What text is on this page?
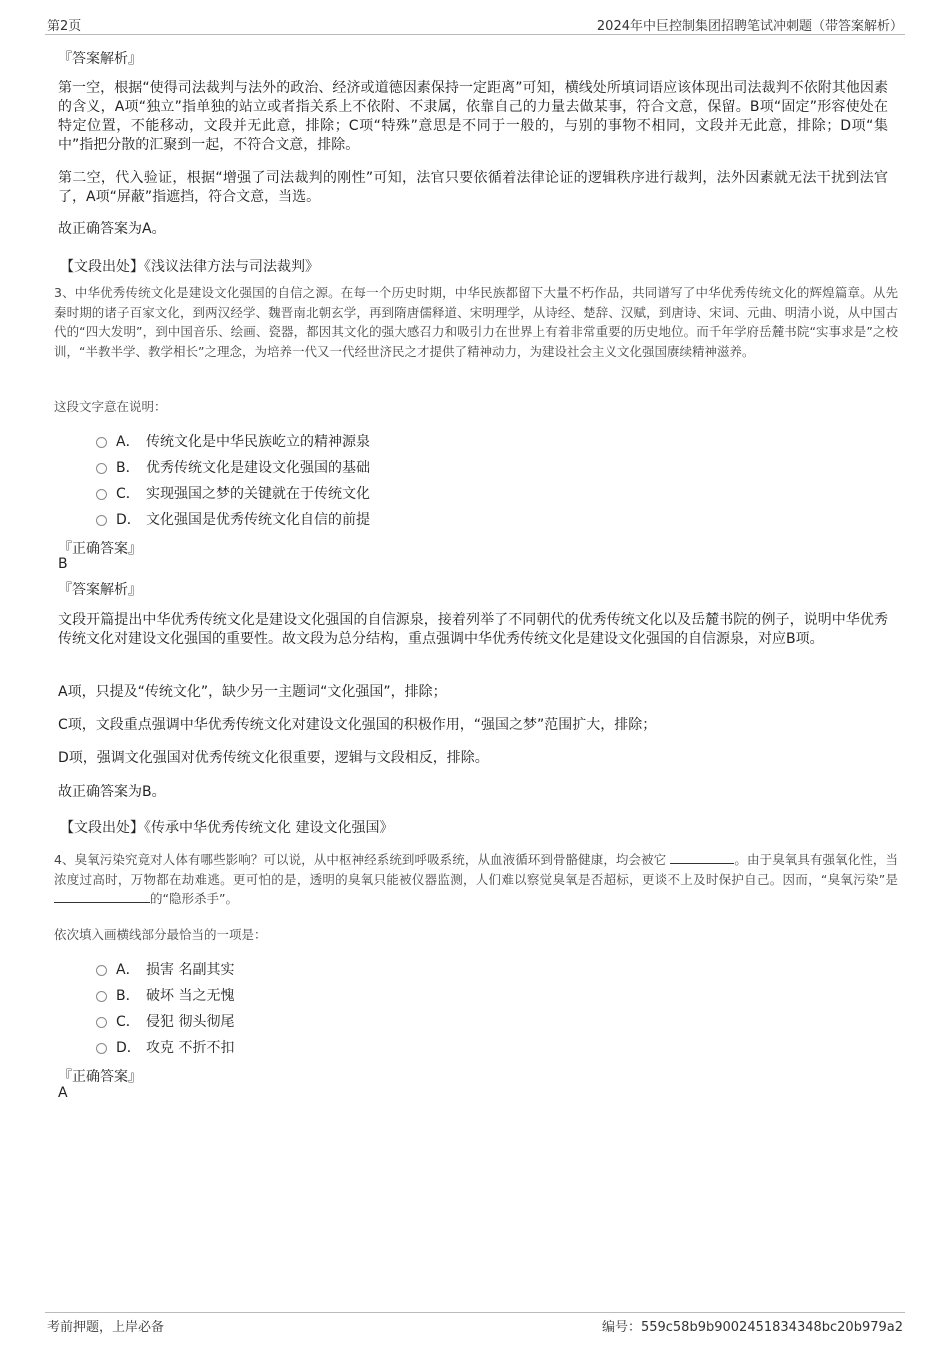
第2页	2024年中巨控制集团招聘笔试冲刺题（带答案解析）
『答案解析』

第一空，根据“使得司法裁判与法外的政治、经济或道德因素保持一定距离”可知，横线处所填词语应该体现出司法裁判不依附其他因素的含义，A项“独立”指单独的站立或者指关系上不依附、不隶属，依靠自己的力量去做某事，符合文意，保留。B项“固定”形容使处在特定位置，不能移动，文段并无此意，排除；C项“特殊”意思是不同于一般的，与别的事物不相同，文段并无此意，排除；D项“集中”指把分散的汇聚到一起，不符合文意，排除。

第二空，代入验证，根据“增强了司法裁判的刚性”可知，法官只要依循着法律论证的逻辑秩序进行裁判，法外因素就无法干扰到法官了，A项“屏蔽”指遮挡，符合文意，当选。

故正确答案为A。

【文段出处】《浅议法律方法与司法裁判》

3、中华优秀传统文化是建设文化强国的自信之源。在每一个历史时期，中华民族都留下大量不朽作品，共同谱写了中华优秀传统文化的辉煌篇章。从先秦时期的诸子百家文化，到两汉经学、魏晋南北朝玄学，再到隋唐儒释道、宋明理学，从诗经、楚辞、汉赋，到唐诗、宋词、元曲、明清小说，从中国古代的“四大发明”，到中国音乐、绘画、瓷器，都因其文化的强大感召力和吸引力在世界上有着非常重要的历史地位。而千年学府岳麓书院“实事求是”之校训，“半教半学、教学相长”之理念，为培养一代又一代经世济民之才提供了精神动力，为建设社会主义文化强国赓续精神滋养。

这段文字意在说明：

A． 传统文化是中华民族屹立的精神源泉
B． 优秀传统文化是建设文化强国的基础
C． 实现强国之梦的关键就在于传统文化
D． 文化强国是优秀传统文化自信的前提
『正确答案』
B
『答案解析』

文段开篇提出中华优秀传统文化是建设文化强国的自信源泉，接着列举了不同朝代的优秀传统文化以及岳麓书院的例子，说明中华优秀传统文化对建设文化强国的重要性。故文段为总分结构，重点强调中华优秀传统文化是建设文化强国的自信源泉，对应B项。

A项，只提及“传统文化”，缺少另一主题词“文化强国”，排除；

C项，文段重点强调中华优秀传统文化对建设文化强国的积极作用，“强国之梦”范围扩大，排除；

D项，强调文化强国对优秀传统文化很重要，逻辑与文段相反，排除。

故正确答案为B。

【文段出处】《传承中华优秀传统文化 建设文化强国》

4、臭氧污染究竟对人体有哪些影响？可以说，从中枢神经系统到呼吸系统，从血液循环到骨骼健康，均会被它	。由于臭氧具有强氧化性，当浓度过高时，万物都在劫难逃。更可怕的是，透明的臭氧只能被仪器监测，人们难以察觉臭氧是否超标，更谈不上及时保护自己。因而，“臭氧污染”是 的“隐形杀手”。

依次填入画横线部分最恰当的一项是：

A． 损害 名副其实
B． 破坏 当之无愧
C． 侵犯 彻头彻尾
D． 攻克 不折不扣
『正确答案』
A
考前押题，上岸必备	编号：559c58b9b9002451834348bc20b979a2
